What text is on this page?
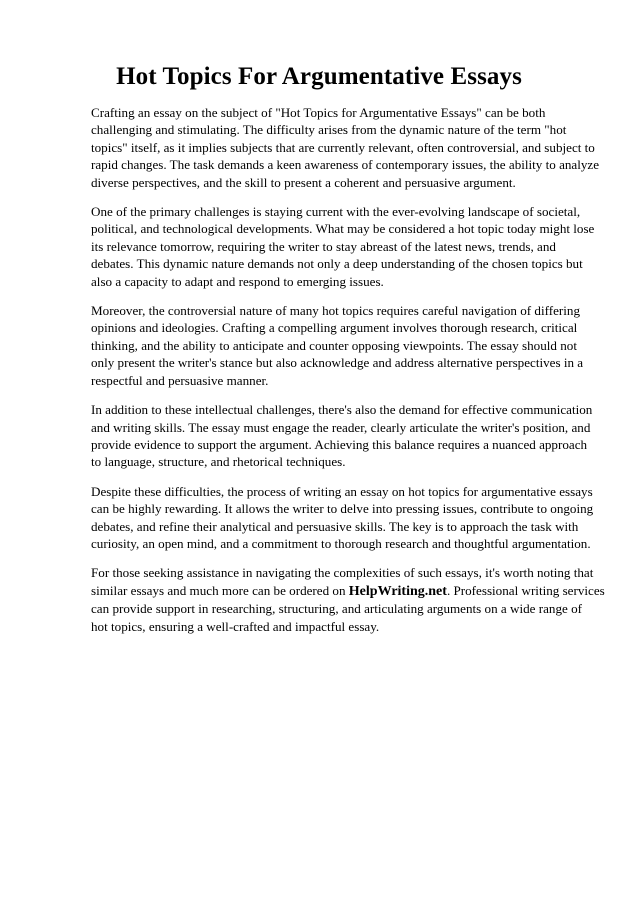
Hot Topics For Argumentative Essays

Crafting an essay on the subject of "Hot Topics for Argumentative Essays" can be both
challenging and stimulating. The difficulty arises from the dynamic nature of the term "hot
topics" itself, as it implies subjects that are currently relevant, often controversial, and subject to
rapid changes. The task demands a keen awareness of contemporary issues, the ability to analyze
diverse perspectives, and the skill to present a coherent and persuasive argument.

One of the primary challenges is staying current with the ever-evolving landscape of societal,
political, and technological developments. What may be considered a hot topic today might lose
its relevance tomorrow, requiring the writer to stay abreast of the latest news, trends, and
debates. This dynamic nature demands not only a deep understanding of the chosen topics but
also a capacity to adapt and respond to emerging issues.

Moreover, the controversial nature of many hot topics requires careful navigation of differing
opinions and ideologies. Crafting a compelling argument involves thorough research, critical
thinking, and the ability to anticipate and counter opposing viewpoints. The essay should not
only present the writer's stance but also acknowledge and address alternative perspectives in a
respectful and persuasive manner.

In addition to these intellectual challenges, there's also the demand for effective communication
and writing skills. The essay must engage the reader, clearly articulate the writer's position, and
provide evidence to support the argument. Achieving this balance requires a nuanced approach
to language, structure, and rhetorical techniques.

Despite these difficulties, the process of writing an essay on hot topics for argumentative essays
can be highly rewarding. It allows the writer to delve into pressing issues, contribute to ongoing
debates, and refine their analytical and persuasive skills. The key is to approach the task with
curiosity, an open mind, and a commitment to thorough research and thoughtful argumentation.

For those seeking assistance in navigating the complexities of such essays, it's worth noting that
similar essays and much more can be ordered on HelpWriting.net. Professional writing services
can provide support in researching, structuring, and articulating arguments on a wide range of
hot topics, ensuring a well-crafted and impactful essay.
